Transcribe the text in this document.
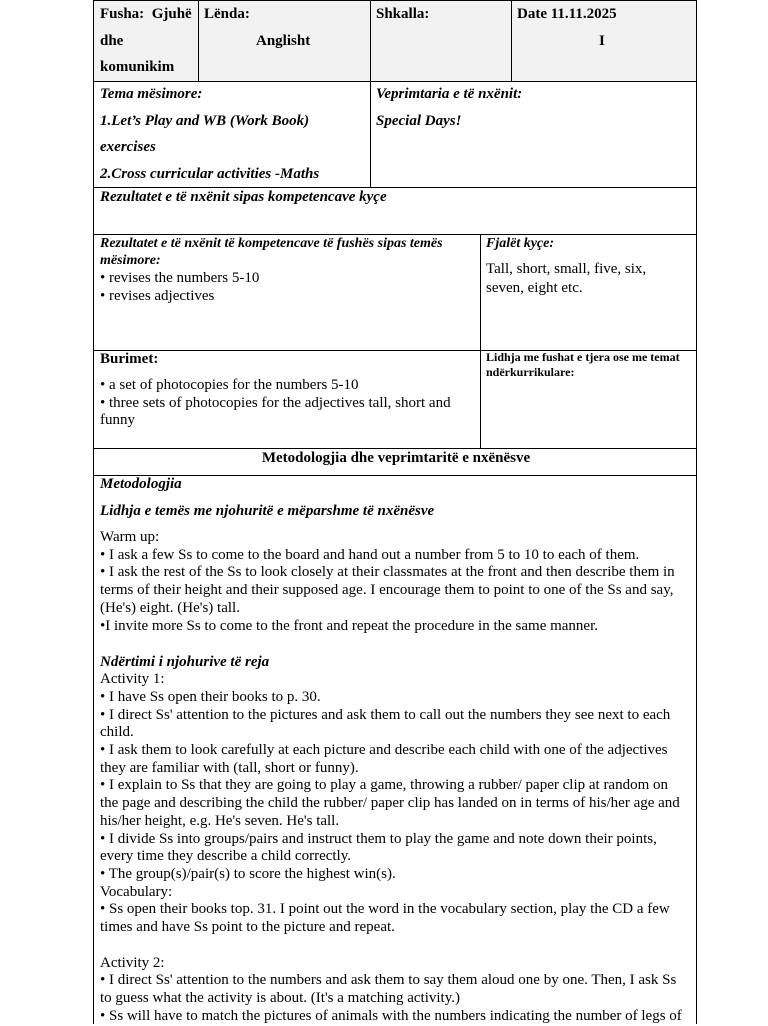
Fusha: Gjuhë
dhe
komunikim
Lënda:
Anglisht
Shkalla:	Date 11.11.2025
I
Tema mësimore:
1.Let’s Play and WB (Work Book)
exercises
2.Cross curricular activities -Maths
Veprimtaria e të nxënit:
Special Days!
Rezultatet e të nxënit sipas kompetencave kyçe
Rezultatet e të nxënit të kompetencave të fushës sipas temës
mësimore:
• revises the numbers 5-10
• revises adjectives
Fjalët kyçe:
Tall, short, small, five, six,
seven, eight etc.
Burimet:
• a set of photocopies for the numbers 5-10
• three sets of photocopies for the adjectives tall, short and
funny
Lidhja me fushat e tjera ose me temat
ndërkurrikulare:
Metodologjia dhe veprimtaritë e nxënësve
Metodologjia
Lidhja e temës me njohuritë e mëparshme të nxënësve
Warm up:
• I ask a few Ss to come to the board and hand out a number from 5 to 10 to each of them.
• I ask the rest of the Ss to look closely at their classmates at the front and then describe them in
terms of their height and their supposed age. I encourage them to point to one of the Ss and say,
(He's) eight. (He's) tall.
•I invite more Ss to come to the front and repeat the procedure in the same manner.
Ndërtimi i njohurive të reja
Activity 1:
• I have Ss open their books to p. 30.
• I direct Ss' attention to the pictures and ask them to call out the numbers they see next to each
child.
• I ask them to look carefully at each picture and describe each child with one of the adjectives
they are familiar with (tall, short or funny).
• I explain to Ss that they are going to play a game, throwing a rubber/ paper clip at random on
the page and describing the child the rubber/ paper clip has landed on in terms of his/her age and
his/her height, e.g. He's seven. He's tall.
• I divide Ss into groups/pairs and instruct them to play the game and note down their points,
every time they describe a child correctly.
• The group(s)/pair(s) to score the highest win(s).
Vocabulary:
• Ss open their books top. 31. I point out the word in the vocabulary section, play the CD a few
times and have Ss point to the picture and repeat.
Activity 2:
• I direct Ss' attention to the numbers and ask them to say them aloud one by one. Then, I ask Ss
to guess what the activity is about. (It's a matching activity.)
• Ss will have to match the pictures of animals with the numbers indicating the number of legs of
